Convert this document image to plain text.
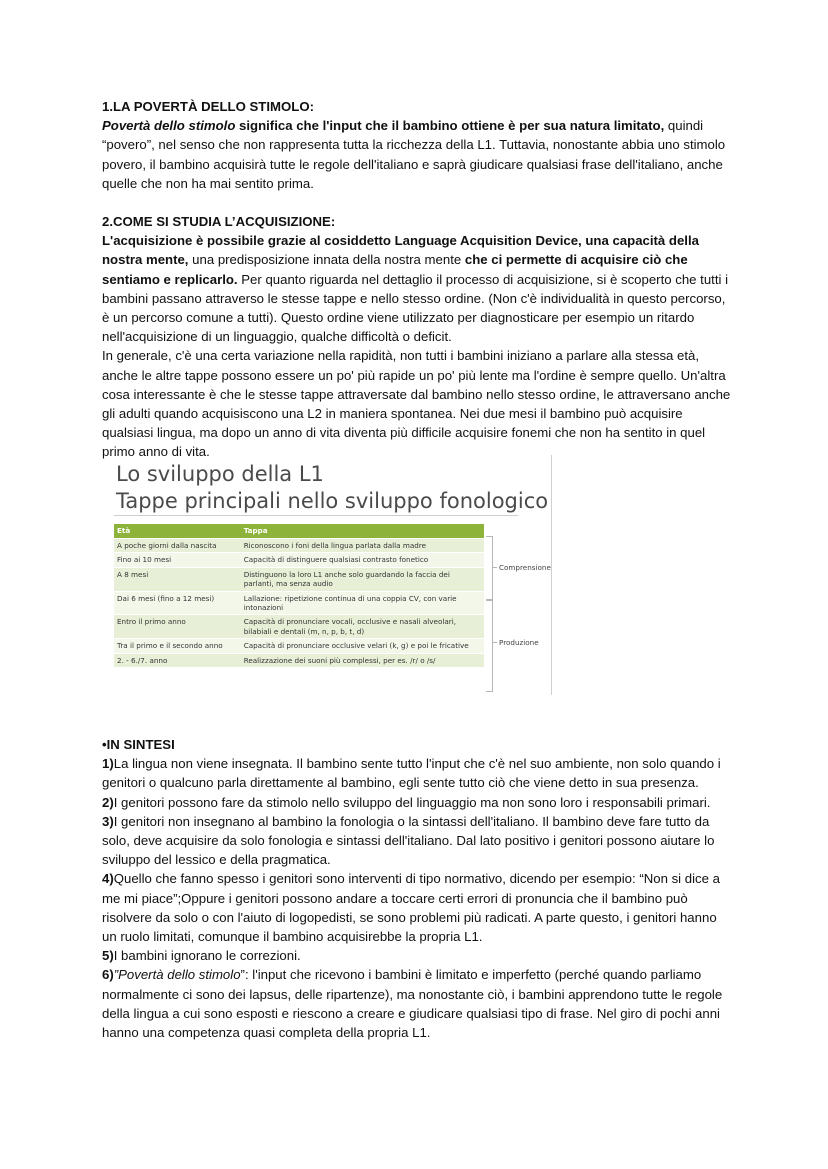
1.LA POVERTÀ DELLO STIMOLO:

Povertà dello stimolo significa che l'input che il bambino ottiene è per sua natura limitato, quindi “povero”, nel senso che non rappresenta tutta la ricchezza della L1. Tuttavia, nonostante abbia uno stimolo povero, il bambino acquisirà tutte le regole dell'italiano e saprà giudicare qualsiasi frase dell'italiano, anche quelle che non ha mai sentito prima.

2.COME SI STUDIA L’ACQUISIZIONE:

L'acquisizione è possibile grazie al cosiddetto Language Acquisition Device, una capacità della nostra mente, una predisposizione innata della nostra mente che ci permette di acquisire ciò che sentiamo e replicarlo. Per quanto riguarda nel dettaglio il processo di acquisizione, si è scoperto che tutti i bambini passano attraverso le stesse tappe e nello stesso ordine. (Non c'è individualità in questo percorso, è un percorso comune a tutti). Questo ordine viene utilizzato per diagnosticare per esempio un ritardo nell'acquisizione di un linguaggio, qualche difficoltà o deficit.

In generale, c'è una certa variazione nella rapidità, non tutti i bambini iniziano a parlare alla stessa età, anche le altre tappe possono essere un po' più rapide un po' più lente ma l'ordine è sempre quello. Un'altra cosa interessante è che le stesse tappe attraversate dal bambino nello stesso ordine, le attraversano anche gli adulti quando acquisiscono una L2 in maniera spontanea. Nei due mesi il bambino può acquisire qualsiasi lingua, ma dopo un anno di vita diventa più difficile acquisire fonemi che non ha sentito in quel primo anno di vita.

Lo sviluppo della L1
Tappe principali nello sviluppo fonologico
Età	Tappa
A poche giorni dalla nascita	Riconoscono i foni della lingua parlata dalla madre
Fino ai 10 mesi	Capacità di distinguere qualsiasi contrasto fonetico
A 8 mesi	Distinguono la loro L1 anche solo guardando la faccia dei parlanti, ma senza audio
Dai 6 mesi (fino a 12 mesi)	Lallazione: ripetizione continua di una coppia CV, con varie intonazioni
Entro il primo anno	Capacità di pronunciare vocali, occlusive e nasali alveolari, bilabiali e dentali (m, n, p, b, t, d)
Tra il primo e il secondo anno	Capacità di pronunciare occlusive velari (k, g) e poi le fricative
2. - 6./7. anno	Realizzazione dei suoni più complessi, per es. /r/ o /s/
Comprensione
Produzione
•IN SINTESI

1)La lingua non viene insegnata. Il bambino sente tutto l'input che c'è nel suo ambiente, non solo quando i genitori o qualcuno parla direttamente al bambino, egli sente tutto ciò che viene detto in sua presenza.

2)I genitori possono fare da stimolo nello sviluppo del linguaggio ma non sono loro i responsabili primari.

3)I genitori non insegnano al bambino la fonologia o la sintassi dell'italiano. Il bambino deve fare tutto da solo, deve acquisire da solo fonologia e sintassi dell'italiano. Dal lato positivo i genitori possono aiutare lo sviluppo del lessico e della pragmatica.

4)Quello che fanno spesso i genitori sono interventi di tipo normativo, dicendo per esempio: “Non si dice a me mi piace”;Oppure i genitori possono andare a toccare certi errori di pronuncia che il bambino può risolvere da solo o con l'aiuto di logopedisti, se sono problemi più radicati. A parte questo, i genitori hanno un ruolo limitati, comunque il bambino acquisirebbe la propria L1.

5)I bambini ignorano le correzioni.

6)”Povertà dello stimolo”: l'input che ricevono i bambini è limitato e imperfetto (perché quando parliamo normalmente ci sono dei lapsus, delle ripartenze), ma nonostante ciò, i bambini apprendono tutte le regole della lingua a cui sono esposti e riescono a creare e giudicare qualsiasi tipo di frase. Nel giro di pochi anni hanno una competenza quasi completa della propria L1.
